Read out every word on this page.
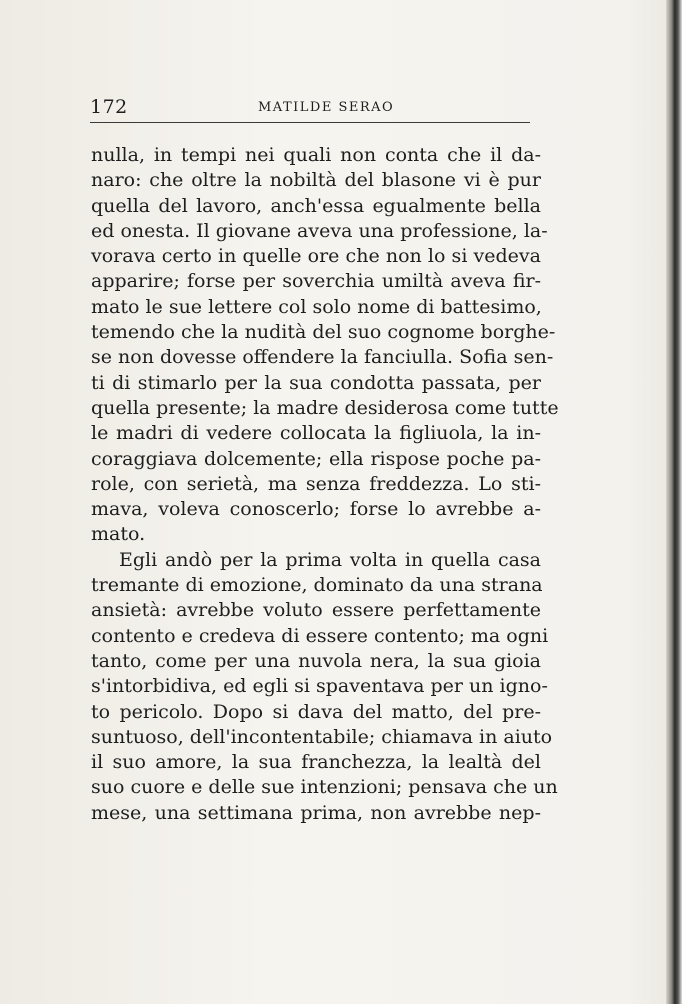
172	MATILDE SERAO
nulla, in tempi nei quali non conta che il da-
naro: che oltre la nobiltà del blasone vi è pur
quella del lavoro, anch'essa egualmente bella
ed onesta. Il giovane aveva una professione, la-
vorava certo in quelle ore che non lo si vedeva
apparire; forse per soverchia umiltà aveva fir-
mato le sue lettere col solo nome di battesimo,
temendo che la nudità del suo cognome borghe-
se non dovesse offendere la fanciulla. Sofia sen-
ti di stimarlo per la sua condotta passata, per
quella presente; la madre desiderosa come tutte
le madri di vedere collocata la figliuola, la in-
coraggiava dolcemente; ella rispose poche pa-
role, con serietà, ma senza freddezza. Lo sti-
mava, voleva conoscerlo; forse lo avrebbe a-
mato.
Egli andò per la prima volta in quella casa
tremante di emozione, dominato da una strana
ansietà: avrebbe voluto essere perfettamente
contento e credeva di essere contento; ma ogni
tanto, come per una nuvola nera, la sua gioia
s'intorbidiva, ed egli si spaventava per un igno-
to pericolo. Dopo si dava del matto, del pre-
suntuoso, dell'incontentabile; chiamava in aiuto
il suo amore, la sua franchezza, la lealtà del
suo cuore e delle sue intenzioni; pensava che un
mese, una settimana prima, non avrebbe nep-
